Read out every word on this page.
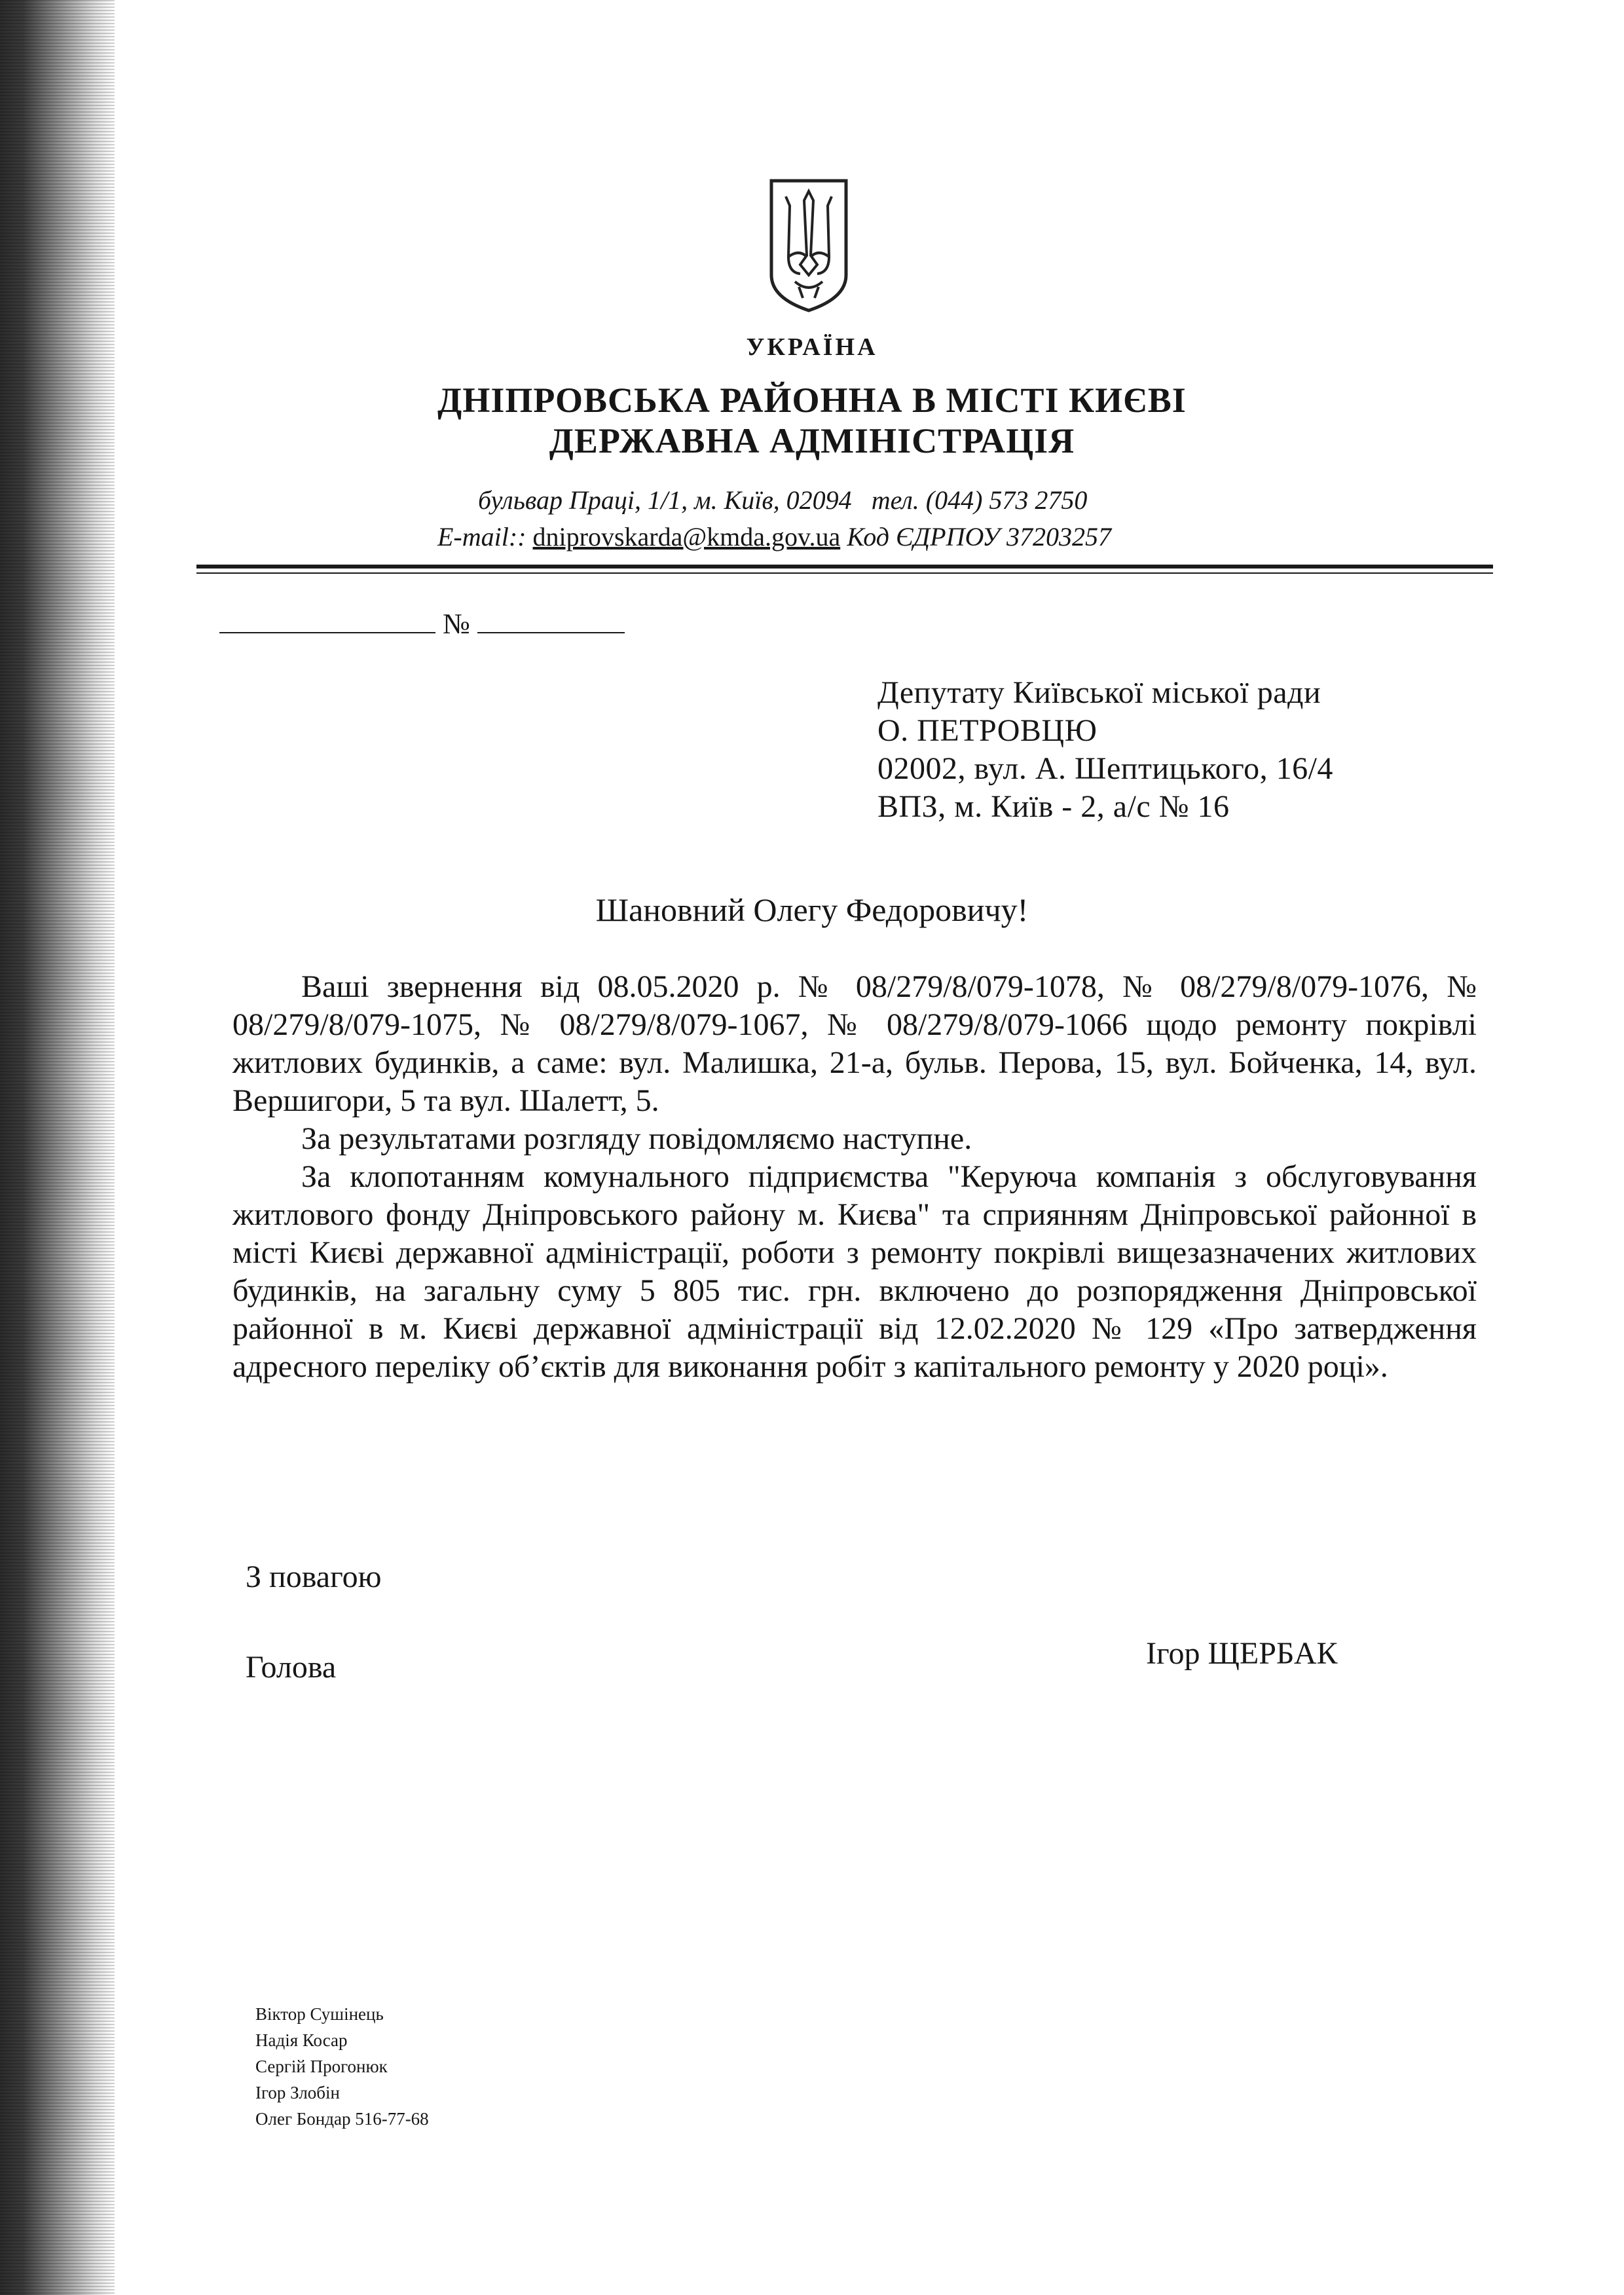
УКРАЇНА
ДНІПРОВСЬКА РАЙОННА В МІСТІ КИЄВІ
ДЕРЖАВНА АДМІНІСТРАЦІЯ
бульвар Праці, 1/1, м. Київ, 02094 тел. (044) 573 2750
E-mail:: dniprovskarda@kmda.gov.ua Код ЄДРПОУ 37203257
№
Депутату Київської міської ради
О. ПЕТРОВЦЮ
02002, вул. А. Шептицького, 16/4
ВПЗ, м. Київ - 2, а/с № 16
Шановний Олегу Федоровичу!

Ваші звернення від 08.05.2020 р. № 08/279/8/079-1078, № 08/279/8/079-1076, № 08/279/8/079-1075, № 08/279/8/079-1067, № 08/279/8/079-1066 щодо ремонту покрівлі житлових будинків, а саме: вул. Малишка, 21-а, бульв. Перова, 15, вул. Бойченка, 14, вул. Вершигори, 5 та вул. Шалетт, 5.

За результатами розгляду повідомляємо наступне.

За клопотанням комунального підприємства "Керуюча компанія з обслуговування житлового фонду Дніпровського району м. Києва" та сприянням Дніпровської районної в місті Києві державної адміністрації, роботи з ремонту покрівлі вищезазначених житлових будинків, на загальну суму 5 805 тис. грн. включено до розпорядження Дніпровської районної в м. Києві державної адміністрації від 12.02.2020 № 129 «Про затвердження адресного переліку об’єктів для виконання робіт з капітального ремонту у 2020 році».

З повагою
Голова	Ігор ЩЕРБАК
Віктор Сушінець
Надія Косар
Сергій Прогонюк
Ігор Злобін
Олег Бондар 516-77-68
